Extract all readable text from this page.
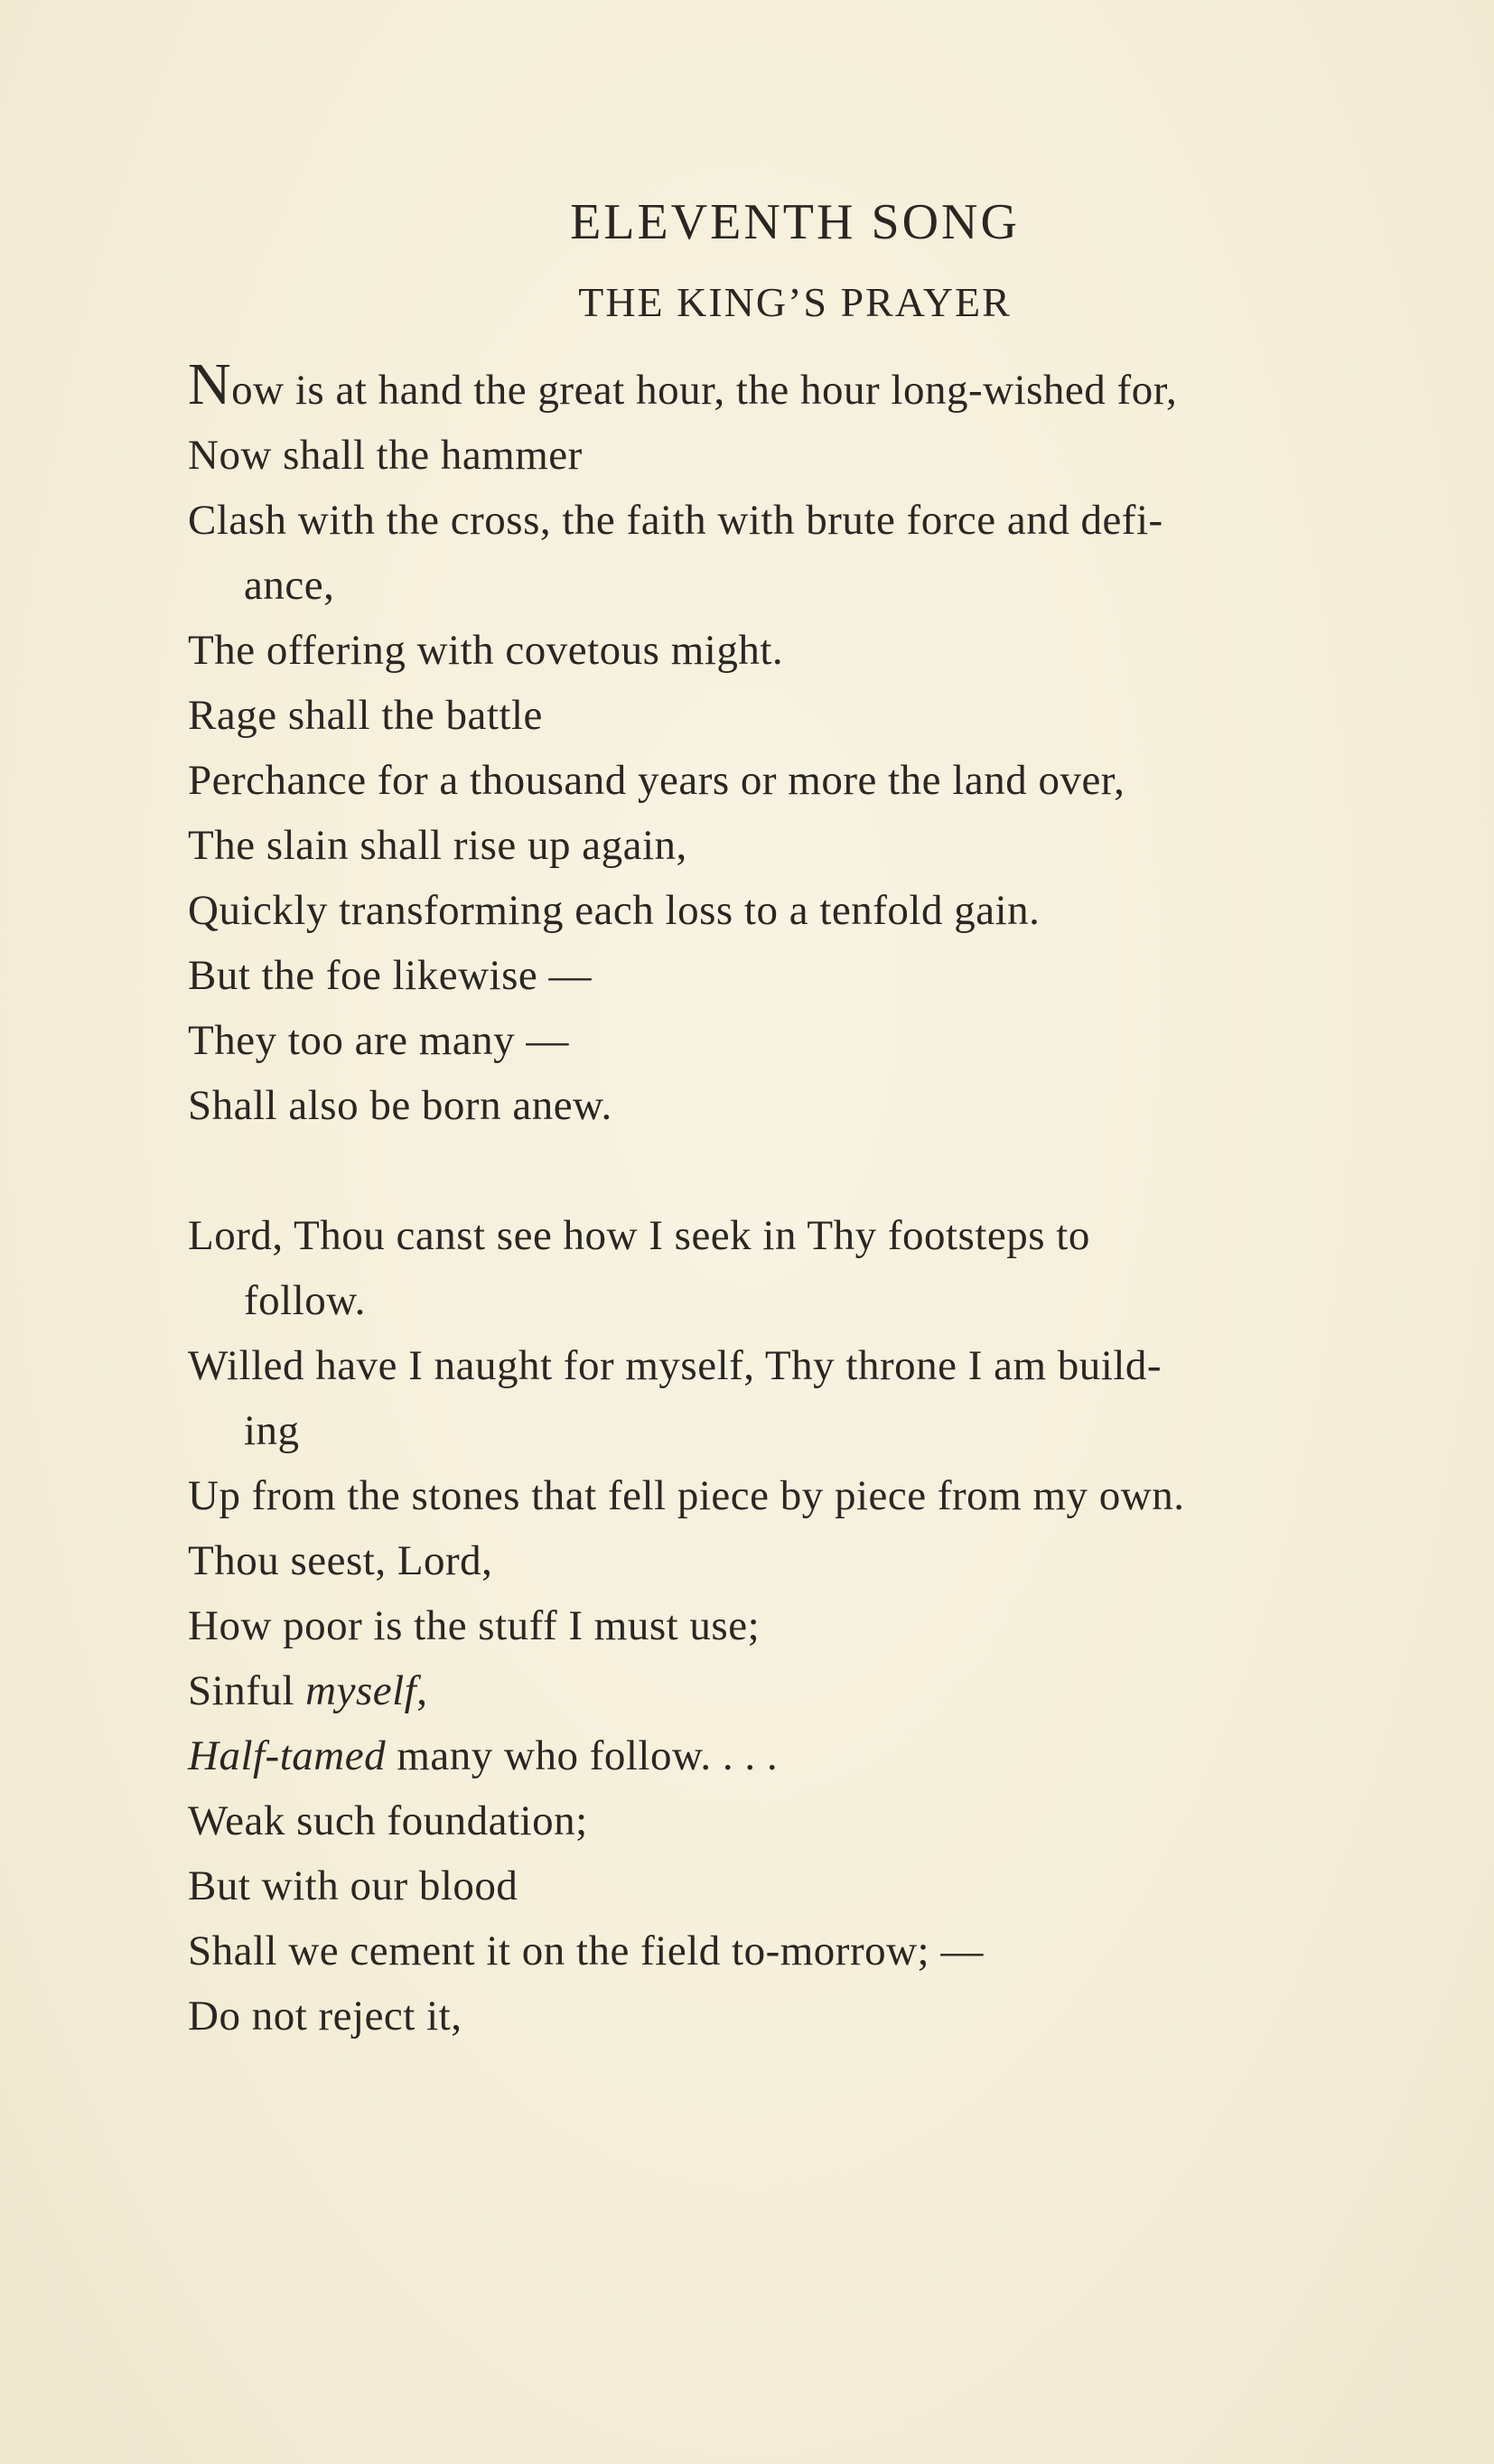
ELEVENTH SONG
THE KING’S PRAYER
Now is at hand the great hour, the hour long-wished for,
Now shall the hammer
Clash with the cross, the faith with brute force and defi-
ance,
The offering with covetous might.
Rage shall the battle
Perchance for a thousand years or more the land over,
The slain shall rise up again,
Quickly transforming each loss to a tenfold gain.
But the foe likewise —
They too are many —
Shall also be born anew.
Lord, Thou canst see how I seek in Thy footsteps to
follow.
Willed have I naught for myself, Thy throne I am build-
ing
Up from the stones that fell piece by piece from my own.
Thou seest, Lord,
How poor is the stuff I must use;
Sinful myself,
Half-tamed many who follow. . . .
Weak such foundation;
But with our blood
Shall we cement it on the field to-morrow; —
Do not reject it,
